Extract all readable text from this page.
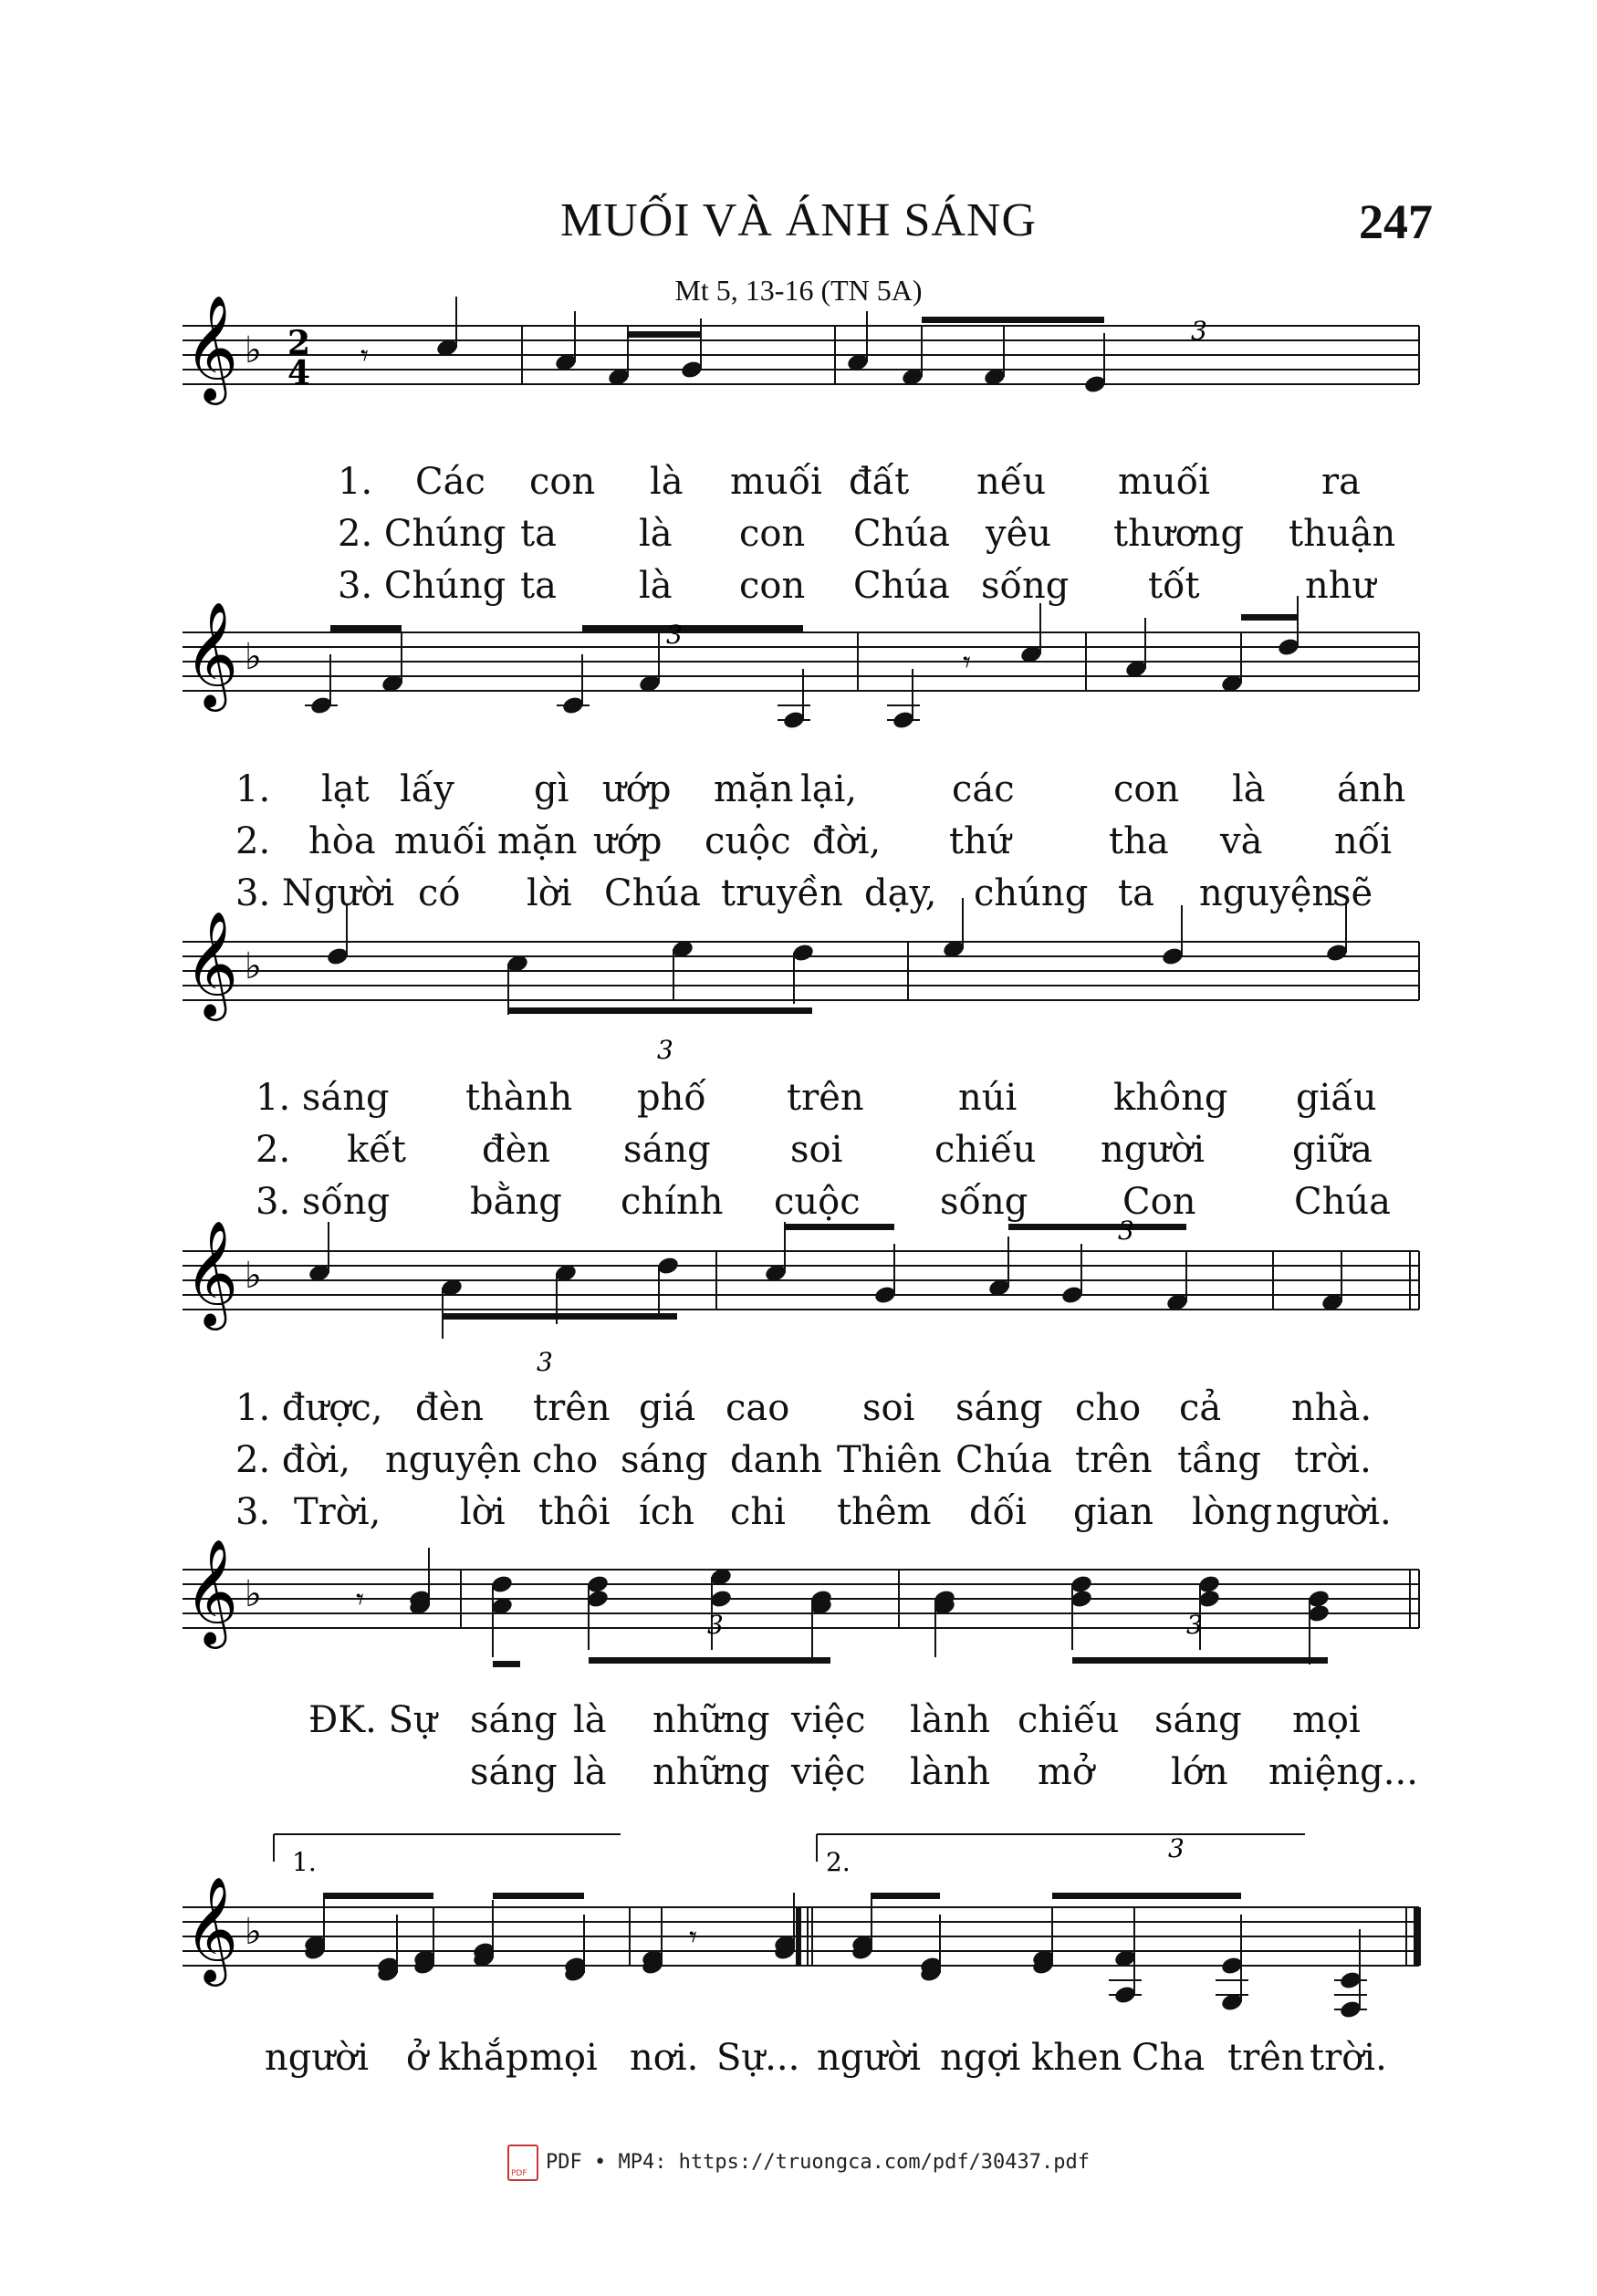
MUỐI VÀ ÁNH SÁNG	247
Mt 5, 13-16 (TN 5A)
𝄞 ♭
𝄞 ♭
𝄞 ♭
𝄞 ♭
𝄞 ♭
𝄞 ♭
2
4 𝄾
3
3
𝄾
3
3
3
𝄾
3	3
1.	2.
𝄾
3
1. Các con là muối đất nếu muối	ra
2. Chúng ta là con Chúa yêu thương thuận
3. Chúng ta là con Chúa sống tốt	như
1. lạt lấy gì ướp mặn lại,	các	con là ánh
2. hòa muối mặn ướp cuộc đời, thứ	tha và nối
3. Người có lời Chúa truyền dạy, chúng ta nguyện
sẽ
1. sáng thành phố trên	núi	không giấu
2. kết đèn sáng soi	chiếu người giữa
3. sống bằng chính cuộc sống	Con	Chúa
1. được, đèn trên giá cao soi sáng cho cả nhà.
2. đời, nguyện cho sáng danh Thiên Chúa trên tầng trời.
3. Trời, lời thôi ích chi thêm dối gian lòng người.
ĐK. Sự sáng là những việc lành chiếu sáng mọi
sáng là những việc lành mở lớn miệng...
người ở khắp mọi nơi. Sự... người ngợi khen Cha trên trời.
PDFPDF • MP4: https://truongca.com/pdf/30437.pdf
